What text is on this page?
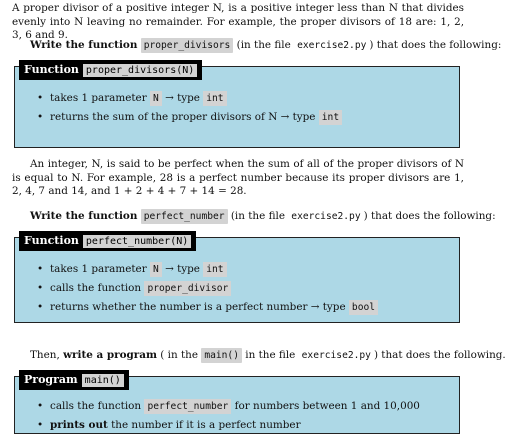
A proper divisor of a positive integer N, is a positive integer less than N that divides evenly into N leaving no remainder. For example, the proper divisors of 18 are: 1, 2, 3, 6 and 9.
Write the function proper_divisors (in the file exercise2.py ) that does the following:
Function proper_divisors(N)
• takes 1 parameter N → type int
• returns the sum of the proper divisors of N → type int
An integer, N, is said to be perfect when the sum of all of the proper divisors of N is equal to N. For example, 28 is a perfect number because its proper divisors are 1, 2, 4, 7 and 14, and 1 + 2 + 4 + 7 + 14 = 28.
Write the function perfect_number (in the file exercise2.py ) that does the following:
Function perfect_number(N)
• takes 1 parameter N → type int
• calls the function proper_divisor
• returns whether the number is a perfect number → type bool
Then, write a program ( in the main() in the file exercise2.py ) that does the following.
Program main()
• calls the function perfect_number for numbers between 1 and 10,000
• prints out the number if it is a perfect number
